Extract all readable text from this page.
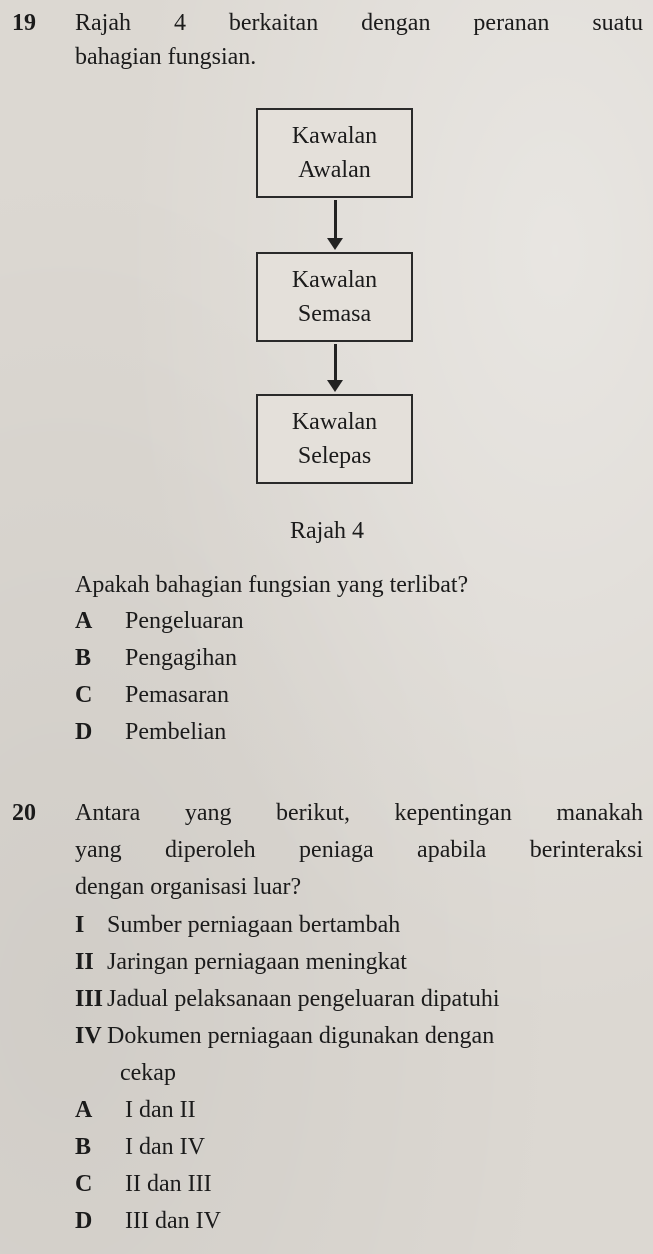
19 Rajah 4 berkaitan dengan peranan suatu
bahagian fungsian.
Kawalan
Awalan
Kawalan
Semasa
Kawalan
Selepas
Rajah 4
Apakah bahagian fungsian yang terlibat?
A Pengeluaran
B Pengagihan
C Pemasaran
D Pembelian
20 Antara yang berikut, kepentingan manakah
yang diperoleh peniaga apabila berinteraksi
dengan organisasi luar?
I Sumber perniagaan bertambah
II Jaringan perniagaan meningkat
III Jadual pelaksanaan pengeluaran dipatuhi
IV Dokumen perniagaan digunakan dengan
cekap
A I dan II
B I dan IV
C II dan III
D III dan IV
